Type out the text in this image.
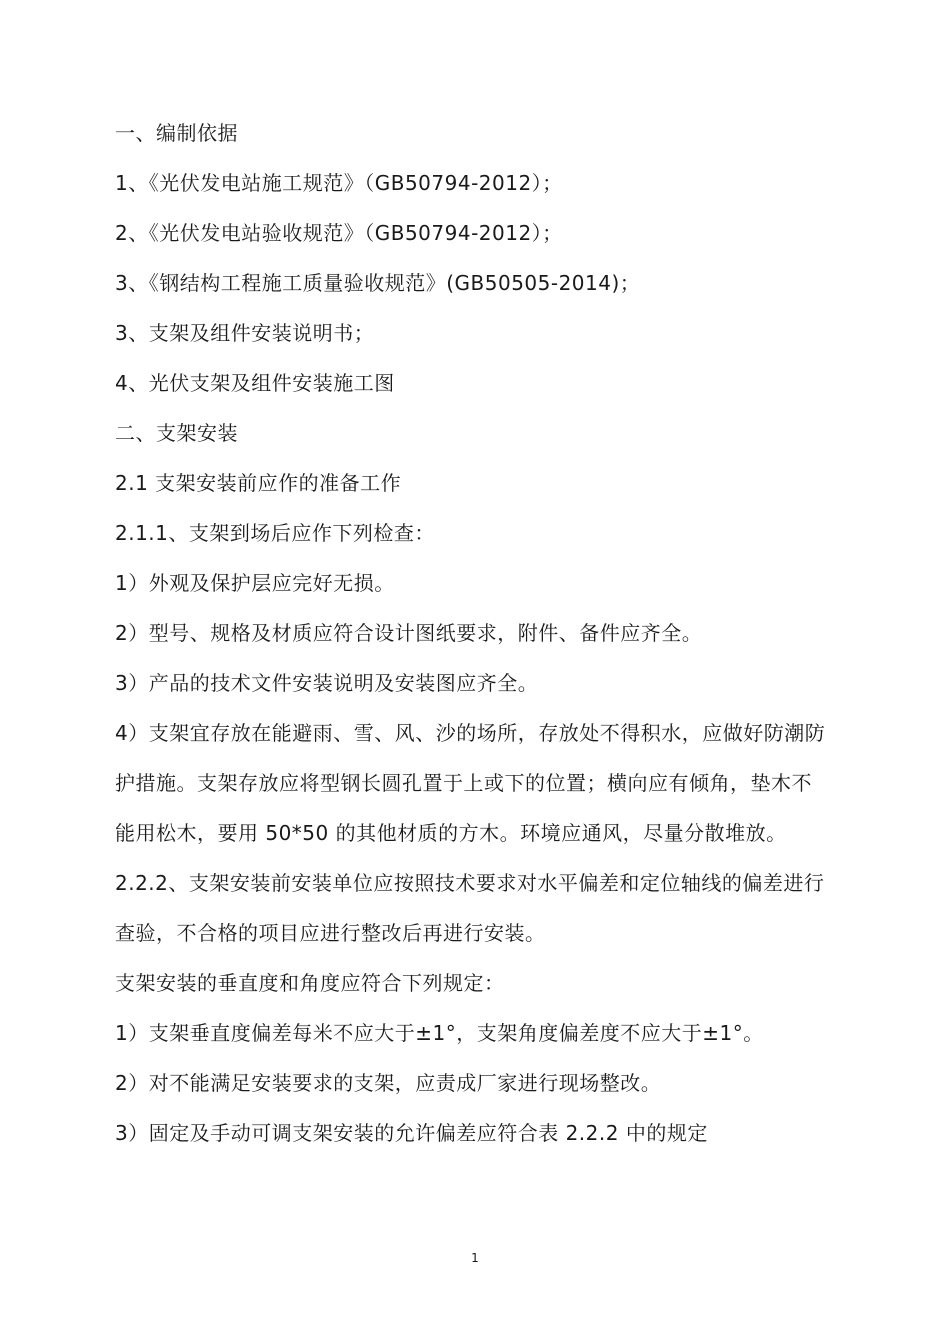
一、编制依据
1、《光伏发电站施工规范》（GB50794-2012）；
2、《光伏发电站验收规范》（GB50794-2012）；
3、《钢结构工程施工质量验收规范》(GB50505-2014)；
3、支架及组件安装说明书；
4、光伏支架及组件安装施工图
二、支架安装
2.1 支架安装前应作的准备工作
2.1.1、支架到场后应作下列检查：
1）外观及保护层应完好无损。
2）型号、规格及材质应符合设计图纸要求，附件、备件应齐全。
3）产品的技术文件安装说明及安装图应齐全。
4）支架宜存放在能避雨、雪、风、沙的场所，存放处不得积水，应做好防潮防
护措施。支架存放应将型钢长圆孔置于上或下的位置；横向应有倾角，垫木不
能用松木，要用 50*50 的其他材质的方木。环境应通风，尽量分散堆放。
2.2.2、支架安装前安装单位应按照技术要求对水平偏差和定位轴线的偏差进行
查验，不合格的项目应进行整改后再进行安装。
支架安装的垂直度和角度应符合下列规定：
1）支架垂直度偏差每米不应大于±1°，支架角度偏差度不应大于±1°。
2）对不能满足安装要求的支架，应责成厂家进行现场整改。
3）固定及手动可调支架安装的允许偏差应符合表 2.2.2 中的规定
1
